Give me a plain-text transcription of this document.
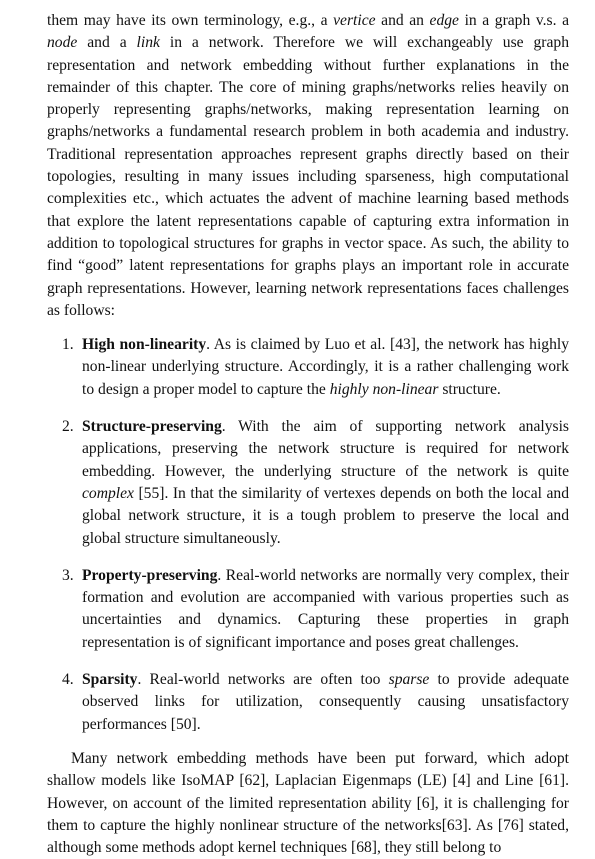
them may have its own terminology, e.g., a vertice and an edge in a graph v.s. a node and a link in a network. Therefore we will exchangeably use graph representation and network embedding without further explanations in the remainder of this chapter. The core of mining graphs/networks relies heavily on properly representing graphs/networks, making representation learning on graphs/networks a fundamental research problem in both academia and industry. Traditional representation approaches represent graphs directly based on their topologies, resulting in many issues including sparseness, high computational complexities etc., which actuates the advent of machine learning based methods that explore the latent representations capable of capturing extra information in addition to topological structures for graphs in vector space. As such, the ability to find “good” latent representations for graphs plays an important role in accurate graph representations. However, learning network representations faces challenges as follows:

1. High non-linearity. As is claimed by Luo et al. [43], the network has highly non-linear underlying structure. Accordingly, it is a rather challenging work to design a proper model to capture the highly non-linear structure.
2. Structure-preserving. With the aim of supporting network analysis applications, preserving the network structure is required for network embedding. However, the underlying structure of the network is quite complex [55]. In that the similarity of vertexes depends on both the local and global network structure, it is a tough problem to preserve the local and global structure simultaneously.
3. Property-preserving. Real-world networks are normally very complex, their formation and evolution are accompanied with various properties such as uncertainties and dynamics. Capturing these properties in graph representation is of significant importance and poses great challenges.
4. Sparsity. Real-world networks are often too sparse to provide adequate observed links for utilization, consequently causing unsatisfactory performances [50].

Many network embedding methods have been put forward, which adopt shallow models like IsoMAP [62], Laplacian Eigenmaps (LE) [4] and Line [61]. However, on account of the limited representation ability [6], it is challenging for them to capture the highly nonlinear structure of the networks[63]. As [76] stated, although some methods adopt kernel techniques [68], they still belong to
